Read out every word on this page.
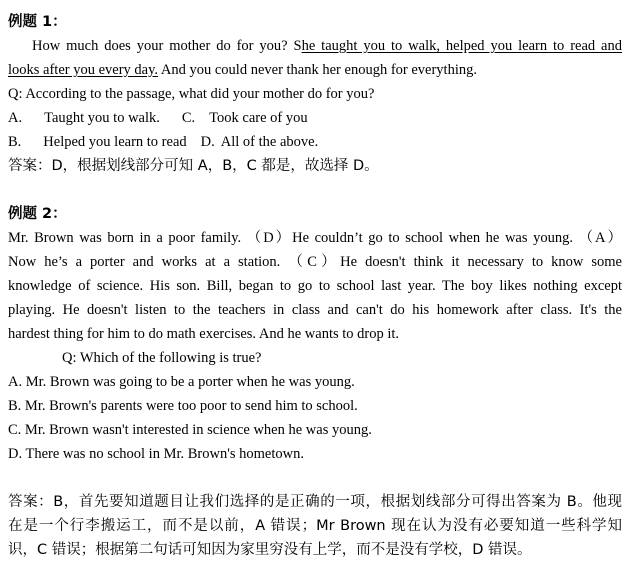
例题 1：
How much does your mother do for you? She taught you to walk, helped you learn to read and
looks after you every day. And you could never thank her enough for everything.
Q: According to the passage, what did your mother do for you?
A. Taught you to walk. C. Took care of you
B. Helped you learn to read D. All of the above.
答案：D，根据划线部分可知 A，B，C 都是，故选择 D。
例题 2：
Mr. Brown was born in a poor family. （D）He couldn’t go to school when he was young. （A）
Now he’s a porter and works at a station. （C）He doesn't think it necessary to know some
knowledge of science. His son. Bill, began to go to school last year. The boy likes nothing except
playing. He doesn't listen to the teachers in class and can't do his homework after class. It's the
hardest thing for him to do math exercises. And he wants to drop it.
Q: Which of the following is true?
A. Mr. Brown was going to be a porter when he was young.
B. Mr. Brown's parents were too poor to send him to school.
C. Mr. Brown wasn't interested in science when he was young.
D. There was no school in Mr. Brown's hometown.
答案：B，首先要知道题目让我们选择的是正确的一项，根据划线部分可得出答案为 B。他现
在是一个行李搬运工，而不是以前，A 错误；Mr Brown 现在认为没有必要知道一些科学知
识，C 错误；根据第二句话可知因为家里穷没有上学，而不是没有学校，D 错误。
